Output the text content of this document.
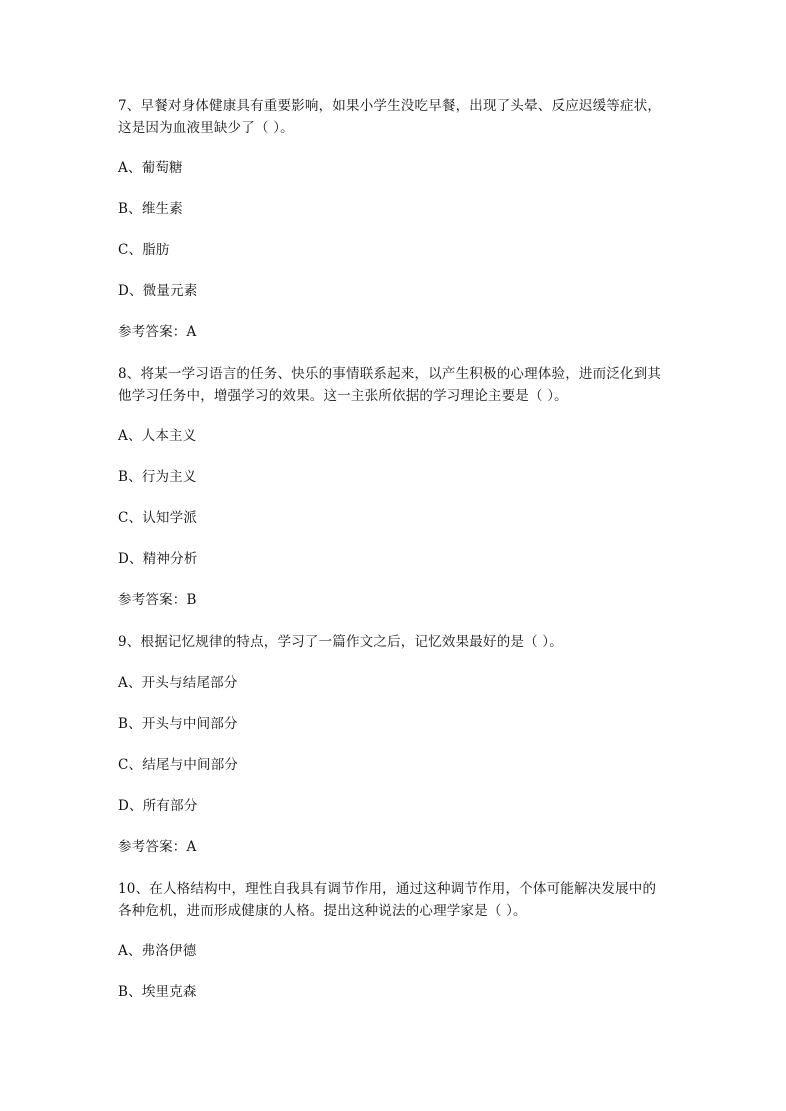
7、早餐对身体健康具有重要影响，如果小学生没吃早餐，出现了头晕、反应迟缓等症状，
这是因为血液里缺少了（ ）。
A、葡萄糖
B、维生素
C、脂肪
D、微量元素
参考答案：A
8、将某一学习语言的任务、快乐的事情联系起来，以产生积极的心理体验，进而泛化到其
他学习任务中，增强学习的效果。这一主张所依据的学习理论主要是（ ）。
A、人本主义
B、行为主义
C、认知学派
D、精神分析
参考答案：B
9、根据记忆规律的特点，学习了一篇作文之后，记忆效果最好的是（ ）。
A、开头与结尾部分
B、开头与中间部分
C、结尾与中间部分
D、所有部分
参考答案：A
10、在人格结构中，理性自我具有调节作用，通过这种调节作用，个体可能解决发展中的
各种危机，进而形成健康的人格。提出这种说法的心理学家是（ ）。
A、弗洛伊德
B、埃里克森
